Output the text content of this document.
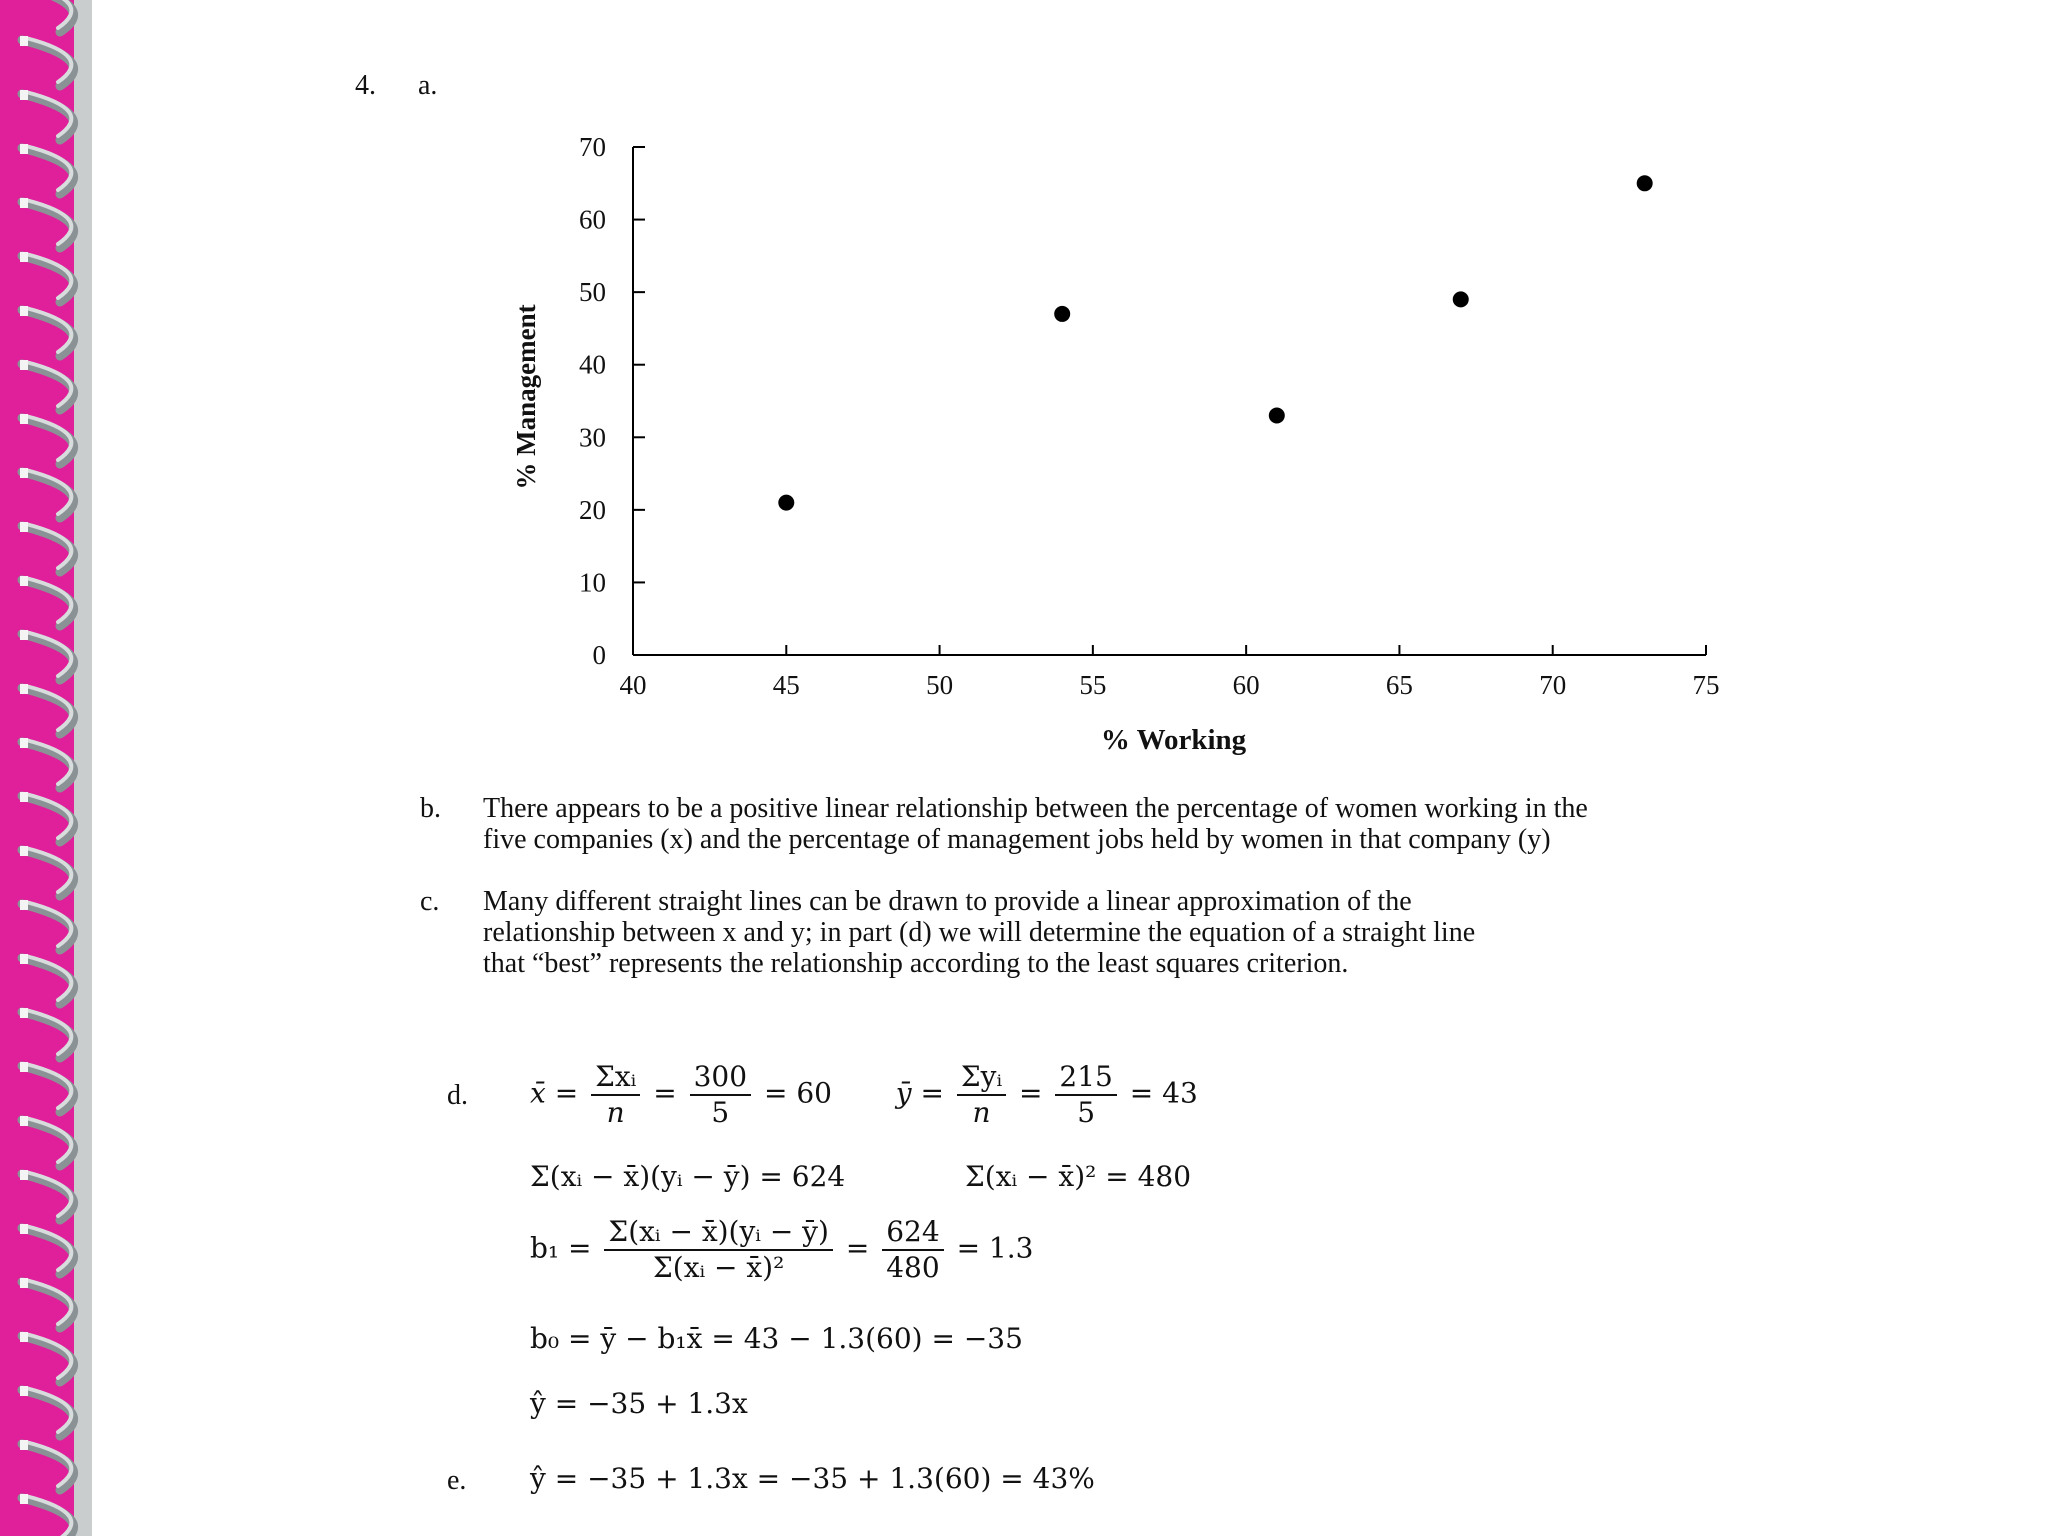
4. a.
0
10
20
30
40
50
60
70
40	45	50	55	60	65	70	75
% Working
% Management
b. There appears to be a positive linear relationship between the percentage of women working in the
five companies (x) and the percentage of management jobs held by women in that company (y)
c. Many different straight lines can be drawn to provide a linear approximation of the
relationship between x and y; in part (d) we will determine the equation of a straight line
that “best” represents the relationship according to the least squares criterion.
d. x̄ = $\frac{\text{Σxᵢ}}{n} = \frac{300}{5} = 60$ ȳ = $\frac{\text{Σyᵢ}}{n} = \frac{215}{5} = 43$
Σ(xᵢ − x̄)(yᵢ − ȳ) = 624	Σ(xᵢ − x̄)² = 480
$b_1 = \frac{\text{Σ(xᵢ − x̄)(yᵢ − ȳ)}}{\text{Σ(xᵢ − x̄)²}} = \frac{624}{480} = 1.3$
b₀ = ȳ − b₁x̄ = 43 − 1.3(60) = −35
ŷ = −35 + 1.3x
e. ŷ = −35 + 1.3x = −35 + 1.3(60) = 43%
